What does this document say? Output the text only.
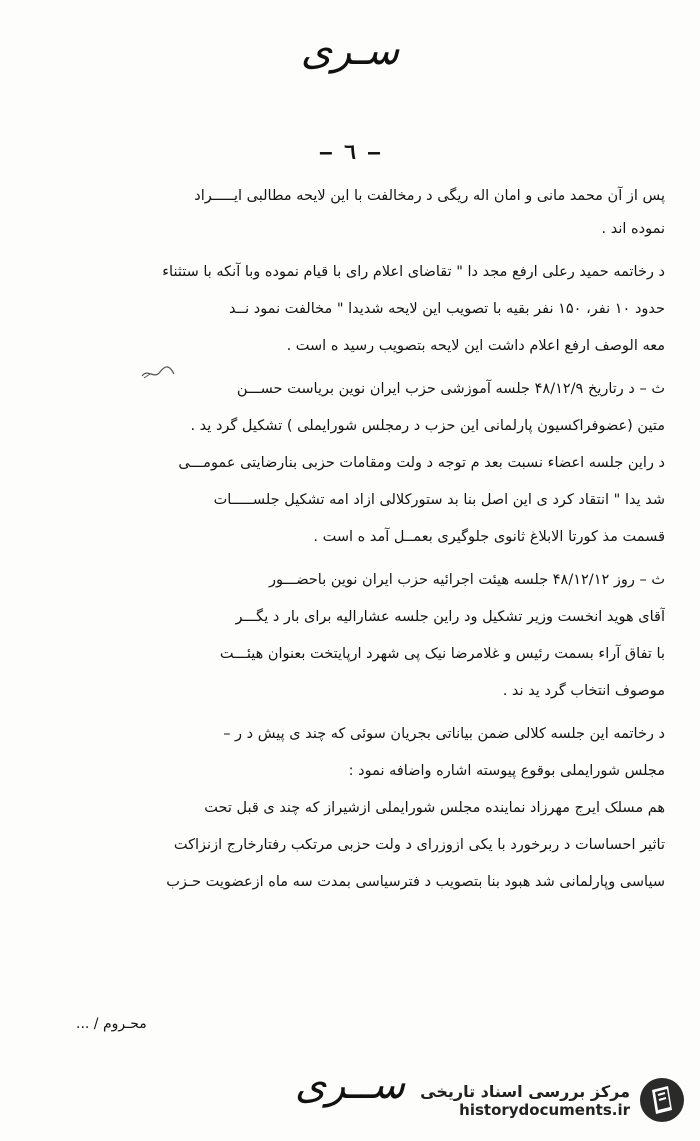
سـری
– ٦ –
پس از آن محمد مانی و امان اله ریگی د رمخالفت با این لایحه مطالبی ایـــــراد
نموده اند .
د رخاتمه حمید رعلی ارفع مجد دا " تقاضای اعلام رای با قیام نموده وبا آنکه با ستثناء
حدود ۱۰ نفر، ۱۵۰ نفر بقیه با تصویب این لایحه شدیدا " مخالفت نمود نــد
معه الوصف ارفع اعلام داشت این لایحه بتصویب رسید ه است .
ث – د رتاریخ ۴۸/۱۲/۹ جلسه آموزشی حزب ایران نوین بریاست حســـن
متین (عضوفراکسیون پارلمانی این حزب د رمجلس شورایملی ) تشکیل گرد ید .
د راین جلسه اعضاء نسبت بعد م توجه د ولت ومقامات حزبی بنارضایتی عمومـــی
شد یدا " انتقاد کرد ی این اصل بنا بد ستورکلالی ازاد امه تشکیل جلســـــات
قسمت مذ کورتا الابلاغ ثانوی جلوگیری بعمــل آمد ه است .
ث – روز ۴۸/۱۲/۱۲ جلسه هیئت اجرائیه حزب ایران نوین باحضـــور
آقای هوید انخست وزیر تشکیل ود راین جلسه عشاراليه برای بار د یگـــر
با تفاق آراء بسمت رئیس و غلامرضا نیک پی شهرد ارپایتخت بعنوان هیئـــت
موصوف انتخاب گرد ید ند .
د رخاتمه این جلسه کلالی ضمن بیاناتی بجریان سوئی که چند ی پیش د ر –
مجلس شورایملی بوقوع پیوسته اشاره واضافه نمود :
هم مسلک ایرج مهرزاد نماینده مجلس شورایملی ازشیراز که چند ی قبل تحت
تاثیر احساسات د ربرخورد با یکی ازوزرای د ولت حزبی مرتکب رفتارخارج ازنزاکت
سیاسی وپارلمانی شد هبود بنا بتصویب د فترسیاسی بمدت سه ماه ازعضویت حـزب
محـروم / ...
ســری مرکز بررسی اسناد تاریخی
historydocuments.ir
